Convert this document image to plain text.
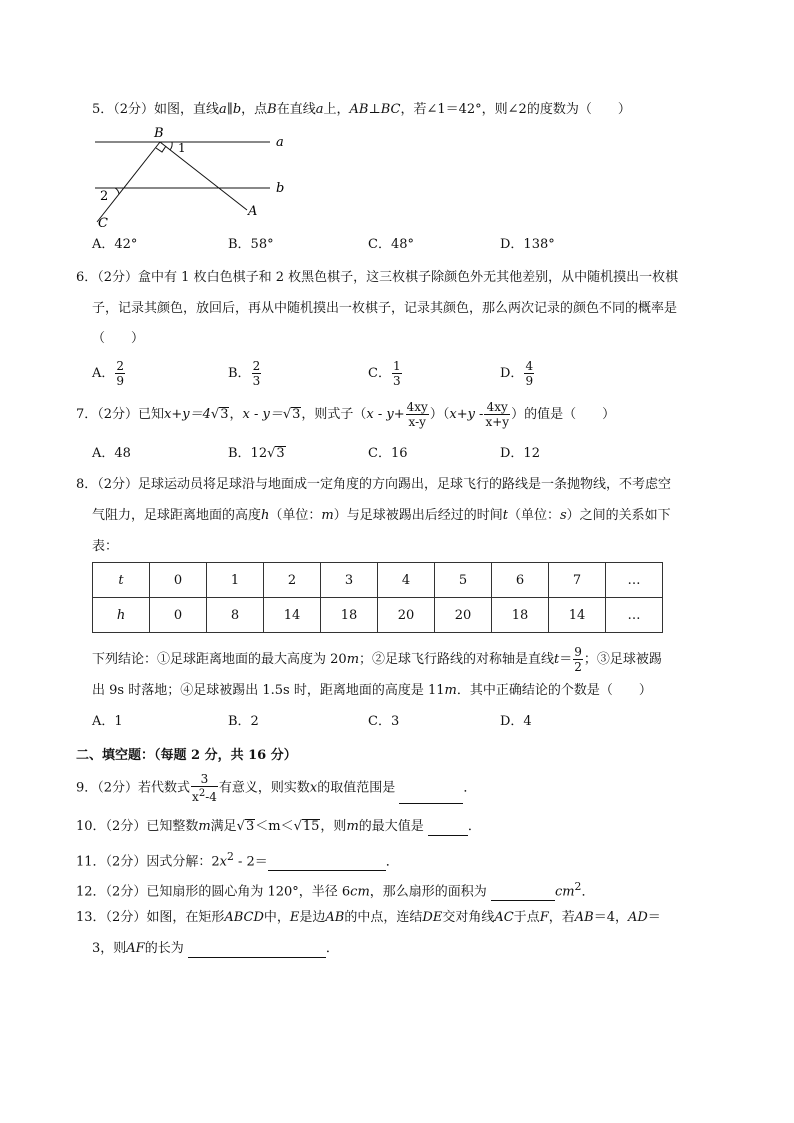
5．（2分）如图，直线a∥b，点B在直线a上，AB⊥BC，若∠1＝42°，则∠2的度数为（　　）
B
1	a
b
2
A
C
A．42°	B．58°	C．48°	D．138°
6．（2分）盒中有 1 枚白色棋子和 2 枚黑色棋子，这三枚棋子除颜色外无其他差别，从中随机摸出一枚棋
子，记录其颜色，放回后，再从中随机摸出一枚棋子，记录其颜色，那么两次记录的颜色不同的概率是
（　　）
A． $\frac{2}{9}$	B． $\frac{2}{3}$	C． $\frac{1}{3}$	D． $\frac{4}{9}$
7．（2分）已知x+y＝4√3，x - y＝√3，则式子$(x - y+ \frac{4xy}{x-y} )(x+y - \frac{4xy}{x+y}$ ）的值是（　　）
A．48	B．12√3	C．16	D．12
8．（2分）足球运动员将足球沿与地面成一定角度的方向踢出，足球飞行的路线是一条抛物线，不考虑空
气阻力，足球距离地面的高度h（单位：m）与足球被踢出后经过的时间t（单位：s）之间的关系如下
表：
t	0	1	2	3	4	5	6	7	…
h	0	8	14	18	20	20	18	14	…
下列结论：①足球距离地面的最大高度为 20m；②足球飞行路线的对称轴是直线$t= \frac{9}{2}$ ；③足球被踢
出 9s 时落地；④足球被踢出 1.5s 时，距离地面的高度是 11m．其中正确结论的个数是（　　）
A．1	B．2	C．3	D．4
二、填空题：（每题 2 分，共 16 分）
9．（2分）若代数式 $\frac{3}{x^2-4}$ 有意义，则实数x的取值范围是	．
10．（2分）已知整数m满足√3＜m＜√15，则m的最大值是	．
11．（2分）因式分解：$2x^2 - 2=$	．
12．（2分）已知扇形的圆心角为 120°，半径 6cm，那么扇形的面积为	$cm^2$．
13．（2分）如图，在矩形ABCD中，E是边AB的中点，连结DE交对角线AC于点F，若AB＝4，AD＝
3，则AF的长为	．
